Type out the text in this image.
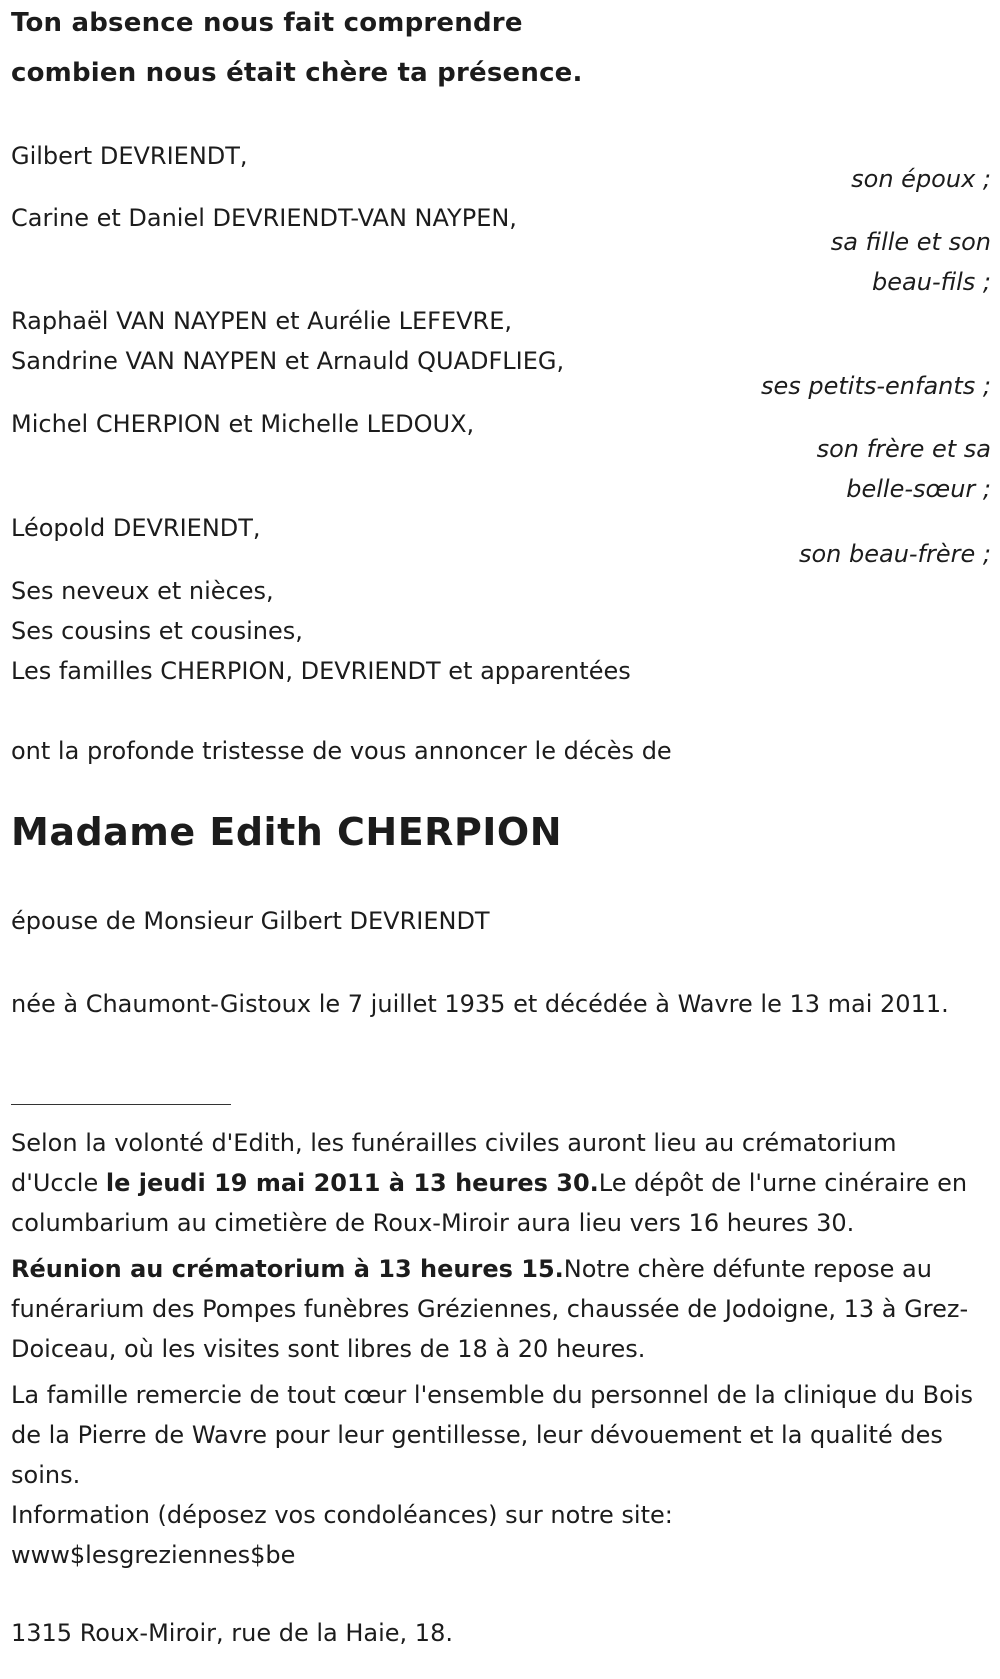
Ton absence nous fait comprendre
combien nous était chère ta présence.
Gilbert DEVRIENDT,
son époux ;
Carine et Daniel DEVRIENDT-VAN NAYPEN,
sa fille et son
beau-fils ;
Raphaël VAN NAYPEN et Aurélie LEFEVRE,
Sandrine VAN NAYPEN et Arnauld QUADFLIEG,
ses petits-enfants ;
Michel CHERPION et Michelle LEDOUX,
son frère et sa
belle-sœur ;
Léopold DEVRIENDT,
son beau-frère ;
Ses neveux et nièces,
Ses cousins et cousines,
Les familles CHERPION, DEVRIENDT et apparentées
ont la profonde tristesse de vous annoncer le décès de
Madame Edith CHERPION
épouse de Monsieur Gilbert DEVRIENDT
née à Chaumont-Gistoux le 7 juillet 1935 et décédée à Wavre le 13 mai 2011.
Selon la volonté d'Edith, les funérailles civiles auront lieu au crématorium d'Uccle le jeudi 19 mai 2011 à 13 heures 30.Le dépôt de l'urne cinéraire en columbarium au cimetière de Roux-Miroir aura lieu vers 16 heures 30.
Réunion au crématorium à 13 heures 15.Notre chère défunte repose au funérarium des Pompes funèbres Gréziennes, chaussée de Jodoigne, 13 à Grez-Doiceau, où les visites sont libres de 18 à 20 heures.
La famille remercie de tout cœur l'ensemble du personnel de la clinique du Bois de la Pierre de Wavre pour leur gentillesse, leur dévouement et la qualité des soins.
Information (déposez vos condoléances) sur notre site:
www$lesgreziennes$be
1315 Roux-Miroir, rue de la Haie, 18.
